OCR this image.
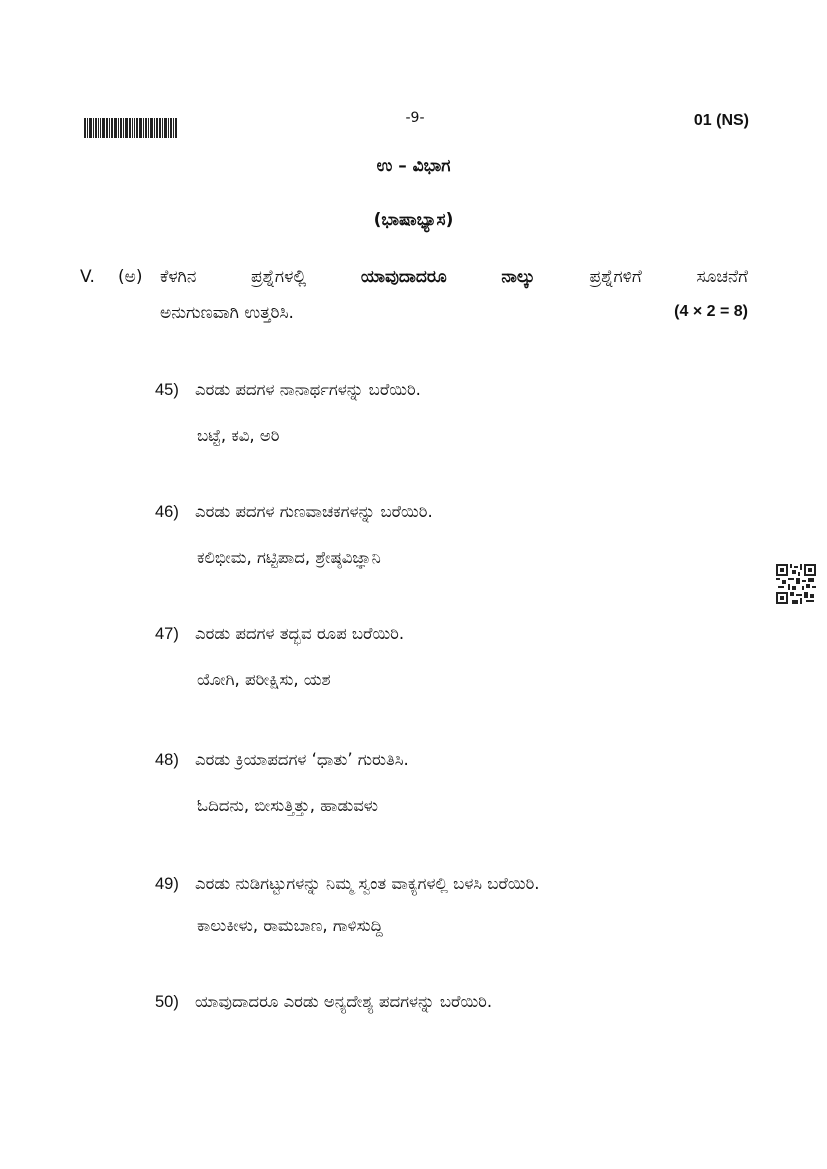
-9-	01 (NS)
ಉ – ವಿಭಾಗ
(ಭಾಷಾಭ್ಯಾಸ)
V. (ಅ) ಕೆಳಗಿನ	ಪ್ರಶ್ನೆಗಳಲ್ಲಿ	ಯಾವುದಾದರೂ	ನಾಲ್ಕು	ಪ್ರಶ್ನೆಗಳಿಗೆ	ಸೂಚನೆಗೆ
ಅನುಗುಣವಾಗಿ ಉತ್ತರಿಸಿ.	(4 × 2 = 8)
45) ಎರಡು ಪದಗಳ ನಾನಾರ್ಥಗಳನ್ನು ಬರೆಯಿರಿ.
ಬಟ್ಟೆ, ಕವಿ, ಅರಿ
46) ಎರಡು ಪದಗಳ ಗುಣವಾಚಕಗಳನ್ನು ಬರೆಯಿರಿ.
ಕಲಿಭೀಮ, ಗಟ್ಟಿಪಾದ, ಶ್ರೇಷ್ಠವಿಜ್ಞಾನಿ
47) ಎರಡು ಪದಗಳ ತದ್ಭವ ರೂಪ ಬರೆಯಿರಿ.
ಯೋಗಿ, ಪರೀಕ್ಷಿಸು, ಯಶ
48) ಎರಡು ಕ್ರಿಯಾಪದಗಳ ‘ಧಾತು’ ಗುರುತಿಸಿ.
ಓದಿದನು, ಬೀಸುತ್ತಿತ್ತು, ಹಾಡುವಳು
49) ಎರಡು ನುಡಿಗಟ್ಟುಗಳನ್ನು ನಿಮ್ಮ ಸ್ವಂತ ವಾಕ್ಯಗಳಲ್ಲಿ ಬಳಸಿ ಬರೆಯಿರಿ.
ಕಾಲುಕೀಳು, ರಾಮಬಾಣ, ಗಾಳಿಸುದ್ದಿ
50) ಯಾವುದಾದರೂ ಎರಡು ಅನ್ಯದೇಶ್ಯ ಪದಗಳನ್ನು ಬರೆಯಿರಿ.
